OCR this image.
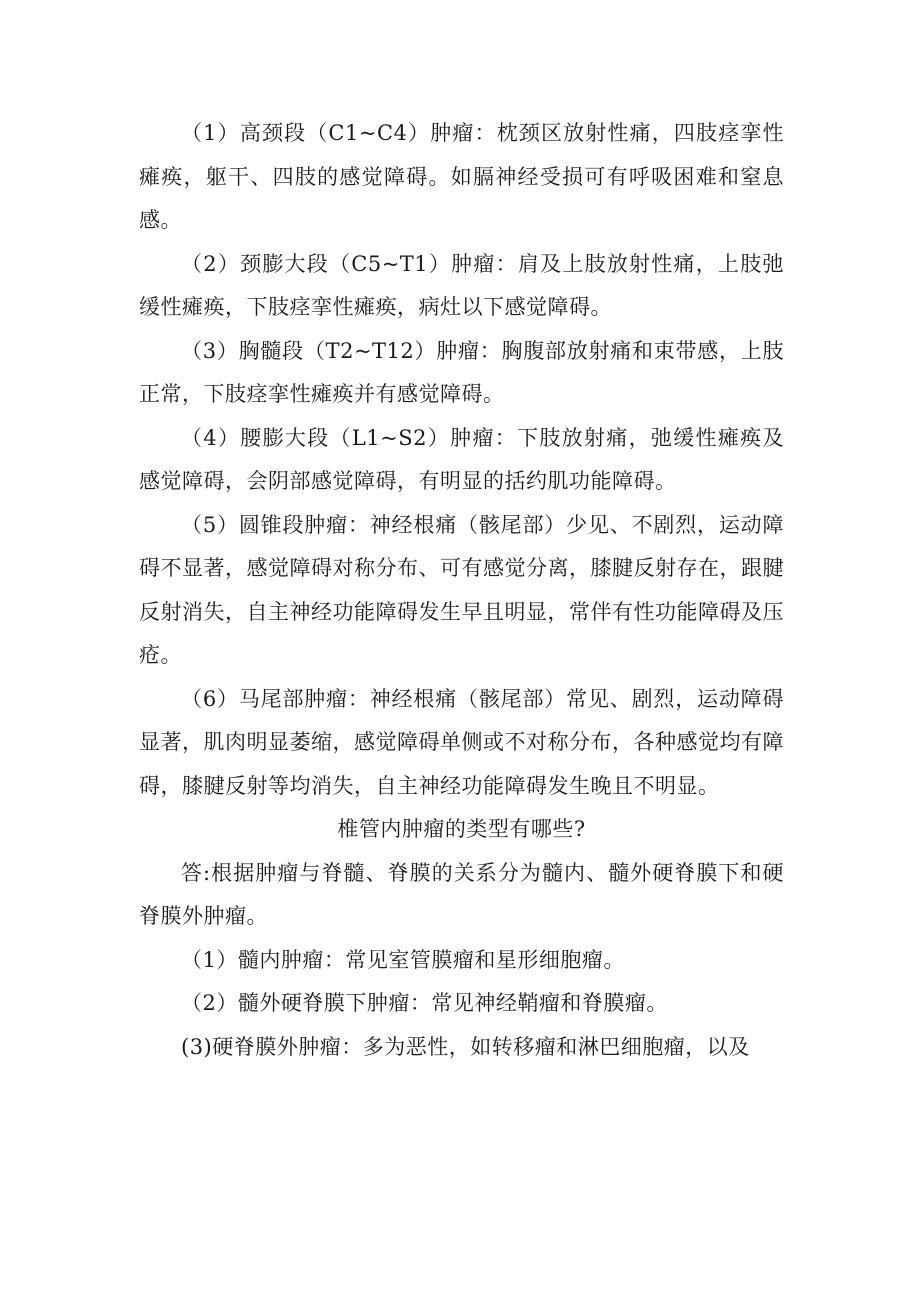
（1）高颈段（C1~C4）肿瘤：枕颈区放射性痛，四肢痉挛性瘫痪，躯干、四肢的感觉障碍。如膈神经受损可有呼吸困难和窒息感。

（2）颈膨大段（C5~T1）肿瘤：肩及上肢放射性痛，上肢弛缓性瘫痪，下肢痉挛性瘫痪，病灶以下感觉障碍。

（3）胸髓段（T2~T12）肿瘤：胸腹部放射痛和束带感，上肢正常，下肢痉挛性瘫痪并有感觉障碍。

（4）腰膨大段（L1~S2）肿瘤：下肢放射痛，弛缓性瘫痪及感觉障碍，会阴部感觉障碍，有明显的括约肌功能障碍。

（5）圆锥段肿瘤：神经根痛（骸尾部）少见、不剧烈，运动障碍不显著，感觉障碍对称分布、可有感觉分离，膝腱反射存在，跟腱反射消失，自主神经功能障碍发生早且明显，常伴有性功能障碍及压疮。

（6）马尾部肿瘤：神经根痛（骸尾部）常见、剧烈，运动障碍显著，肌肉明显萎缩，感觉障碍单侧或不对称分布，各种感觉均有障碍，膝腱反射等均消失，自主神经功能障碍发生晚且不明显。

椎管内肿瘤的类型有哪些?

答:根据肿瘤与脊髓、脊膜的关系分为髓内、髓外硬脊膜下和硬脊膜外肿瘤。

（1）髓内肿瘤：常见室管膜瘤和星形细胞瘤。

（2）髓外硬脊膜下肿瘤：常见神经鞘瘤和脊膜瘤。

(3)硬脊膜外肿瘤：多为恶性，如转移瘤和淋巴细胞瘤，以及
